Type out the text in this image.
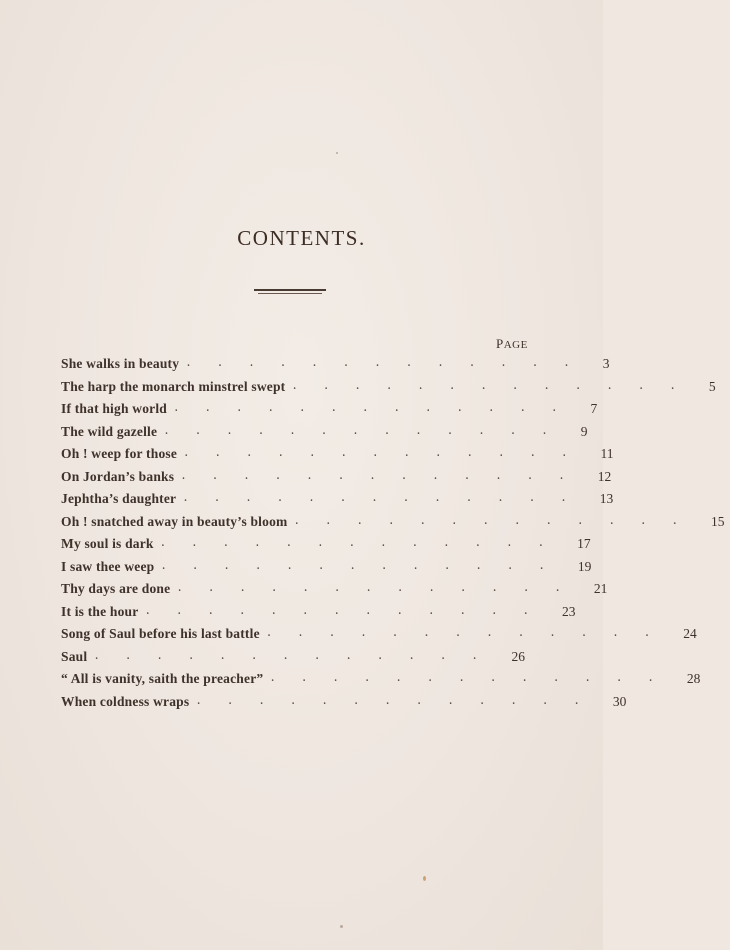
CONTENTS.
PAGE
She walks in beauty ............. 3
The harp the monarch minstrel swept ............. 5
If that high world ............. 7
The wild gazelle ............. 9
Oh ! weep for those ............. 11
On Jordan’s banks ............. 12
Jephtha’s daughter ............. 13
Oh ! snatched away in beauty’s bloom ............. 15
My soul is dark ............. 17
I saw thee weep ............. 19
Thy days are done ............. 21
It is the hour ............. 23
Song of Saul before his last battle ............. 24
Saul ............. 26
“ All is vanity, saith the preacher” ............. 28
When coldness wraps ............. 30
